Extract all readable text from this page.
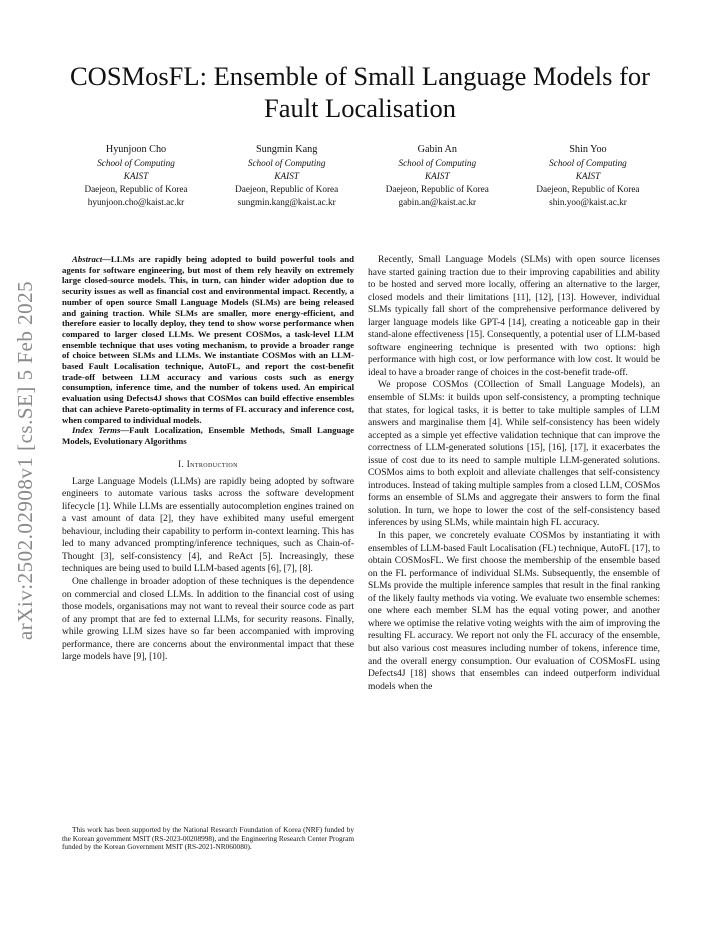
arXiv:2502.02908v1 [cs.SE] 5 Feb 2025
COSMosFL: Ensemble of Small Language Models for Fault Localisation
Hyunjoon Cho
School of Computing
KAIST
Daejeon, Republic of Korea
hyunjoon.cho@kaist.ac.kr
Sungmin Kang
School of Computing
KAIST
Daejeon, Republic of Korea
sungmin.kang@kaist.ac.kr
Gabin An
School of Computing
KAIST
Daejeon, Republic of Korea
gabin.an@kaist.ac.kr
Shin Yoo
School of Computing
KAIST
Daejeon, Republic of Korea
shin.yoo@kaist.ac.kr

Abstract—LLMs are rapidly being adopted to build powerful tools and agents for software engineering, but most of them rely heavily on extremely large closed-source models. This, in turn, can hinder wider adoption due to security issues as well as financial cost and environmental impact. Recently, a number of open source Small Language Models (SLMs) are being released and gaining traction. While SLMs are smaller, more energy-efficient, and therefore easier to locally deploy, they tend to show worse performance when compared to larger closed LLMs. We present COSMos, a task-level LLM ensemble technique that uses voting mechanism, to provide a broader range of choice between SLMs and LLMs. We instantiate COSMos with an LLM-based Fault Localisation technique, AutoFL, and report the cost-benefit trade-off between LLM accuracy and various costs such as energy consumption, inference time, and the number of tokens used. An empirical evaluation using Defects4J shows that COSMos can build effective ensembles that can achieve Pareto-optimality in terms of FL accuracy and inference cost, when compared to individual models.

Index Terms—Fault Localization, Ensemble Methods, Small Language Models, Evolutionary Algorithms

I. Introduction

Large Language Models (LLMs) are rapidly being adopted by software engineers to automate various tasks across the software development lifecycle [1]. While LLMs are essentially autocompletion engines trained on a vast amount of data [2], they have exhibited many useful emergent behaviour, including their capability to perform in-context learning. This has led to many advanced prompting/inference techniques, such as Chain-of-Thought [3], self-consistency [4], and ReAct [5]. Increasingly, these techniques are being used to build LLM-based agents [6], [7], [8].

One challenge in broader adoption of these techniques is the dependence on commercial and closed LLMs. In addition to the financial cost of using those models, organisations may not want to reveal their source code as part of any prompt that are fed to external LLMs, for security reasons. Finally, while growing LLM sizes have so far been accompanied with improving performance, there are concerns about the environmental impact that these large models have [9], [10].

Recently, Small Language Models (SLMs) with open source licenses have started gaining traction due to their improving capabilities and ability to be hosted and served more locally, offering an alternative to the larger, closed models and their limitations [11], [12], [13]. However, individual SLMs typically fall short of the comprehensive performance delivered by larger language models like GPT-4 [14], creating a noticeable gap in their stand-alone effectiveness [15]. Consequently, a potential user of LLM-based software engineering technique is presented with two options: high performance with high cost, or low performance with low cost. It would be ideal to have a broader range of choices in the cost-benefit trade-off.

We propose COSMos (COllection of Small Language Models), an ensemble of SLMs: it builds upon self-consistency, a prompting technique that states, for logical tasks, it is better to take multiple samples of LLM answers and marginalise them [4]. While self-consistency has been widely accepted as a simple yet effective validation technique that can improve the correctness of LLM-generated solutions [15], [16], [17], it exacerbates the issue of cost due to its need to sample multiple LLM-generated solutions. COSMos aims to both exploit and alleviate challenges that self-consistency introduces. Instead of taking multiple samples from a closed LLM, COSMos forms an ensemble of SLMs and aggregate their answers to form the final solution. In turn, we hope to lower the cost of the self-consistency based inferences by using SLMs, while maintain high FL accuracy.

In this paper, we concretely evaluate COSMos by instantiating it with ensembles of LLM-based Fault Localisation (FL) technique, AutoFL [17], to obtain COSMosFL. We first choose the membership of the ensemble based on the FL performance of individual SLMs. Subsequently, the ensemble of SLMs provide the multiple inference samples that result in the final ranking of the likely faulty methods via voting. We evaluate two ensemble schemes: one where each member SLM has the equal voting power, and another where we optimise the relative voting weights with the aim of improving the resulting FL accuracy. We report not only the FL accuracy of the ensemble, but also various cost measures including number of tokens, inference time, and the overall energy consumption. Our evaluation of COSMosFL using Defects4J [18] shows that ensembles can indeed outperform individual models when the

This work has been supported by the National Research Foundation of Korea (NRF) funded by the Korean government MSIT (RS-2023-00208998), and the Engineering Research Center Program funded by the Korean Government MSIT (RS-2021-NR060080).
